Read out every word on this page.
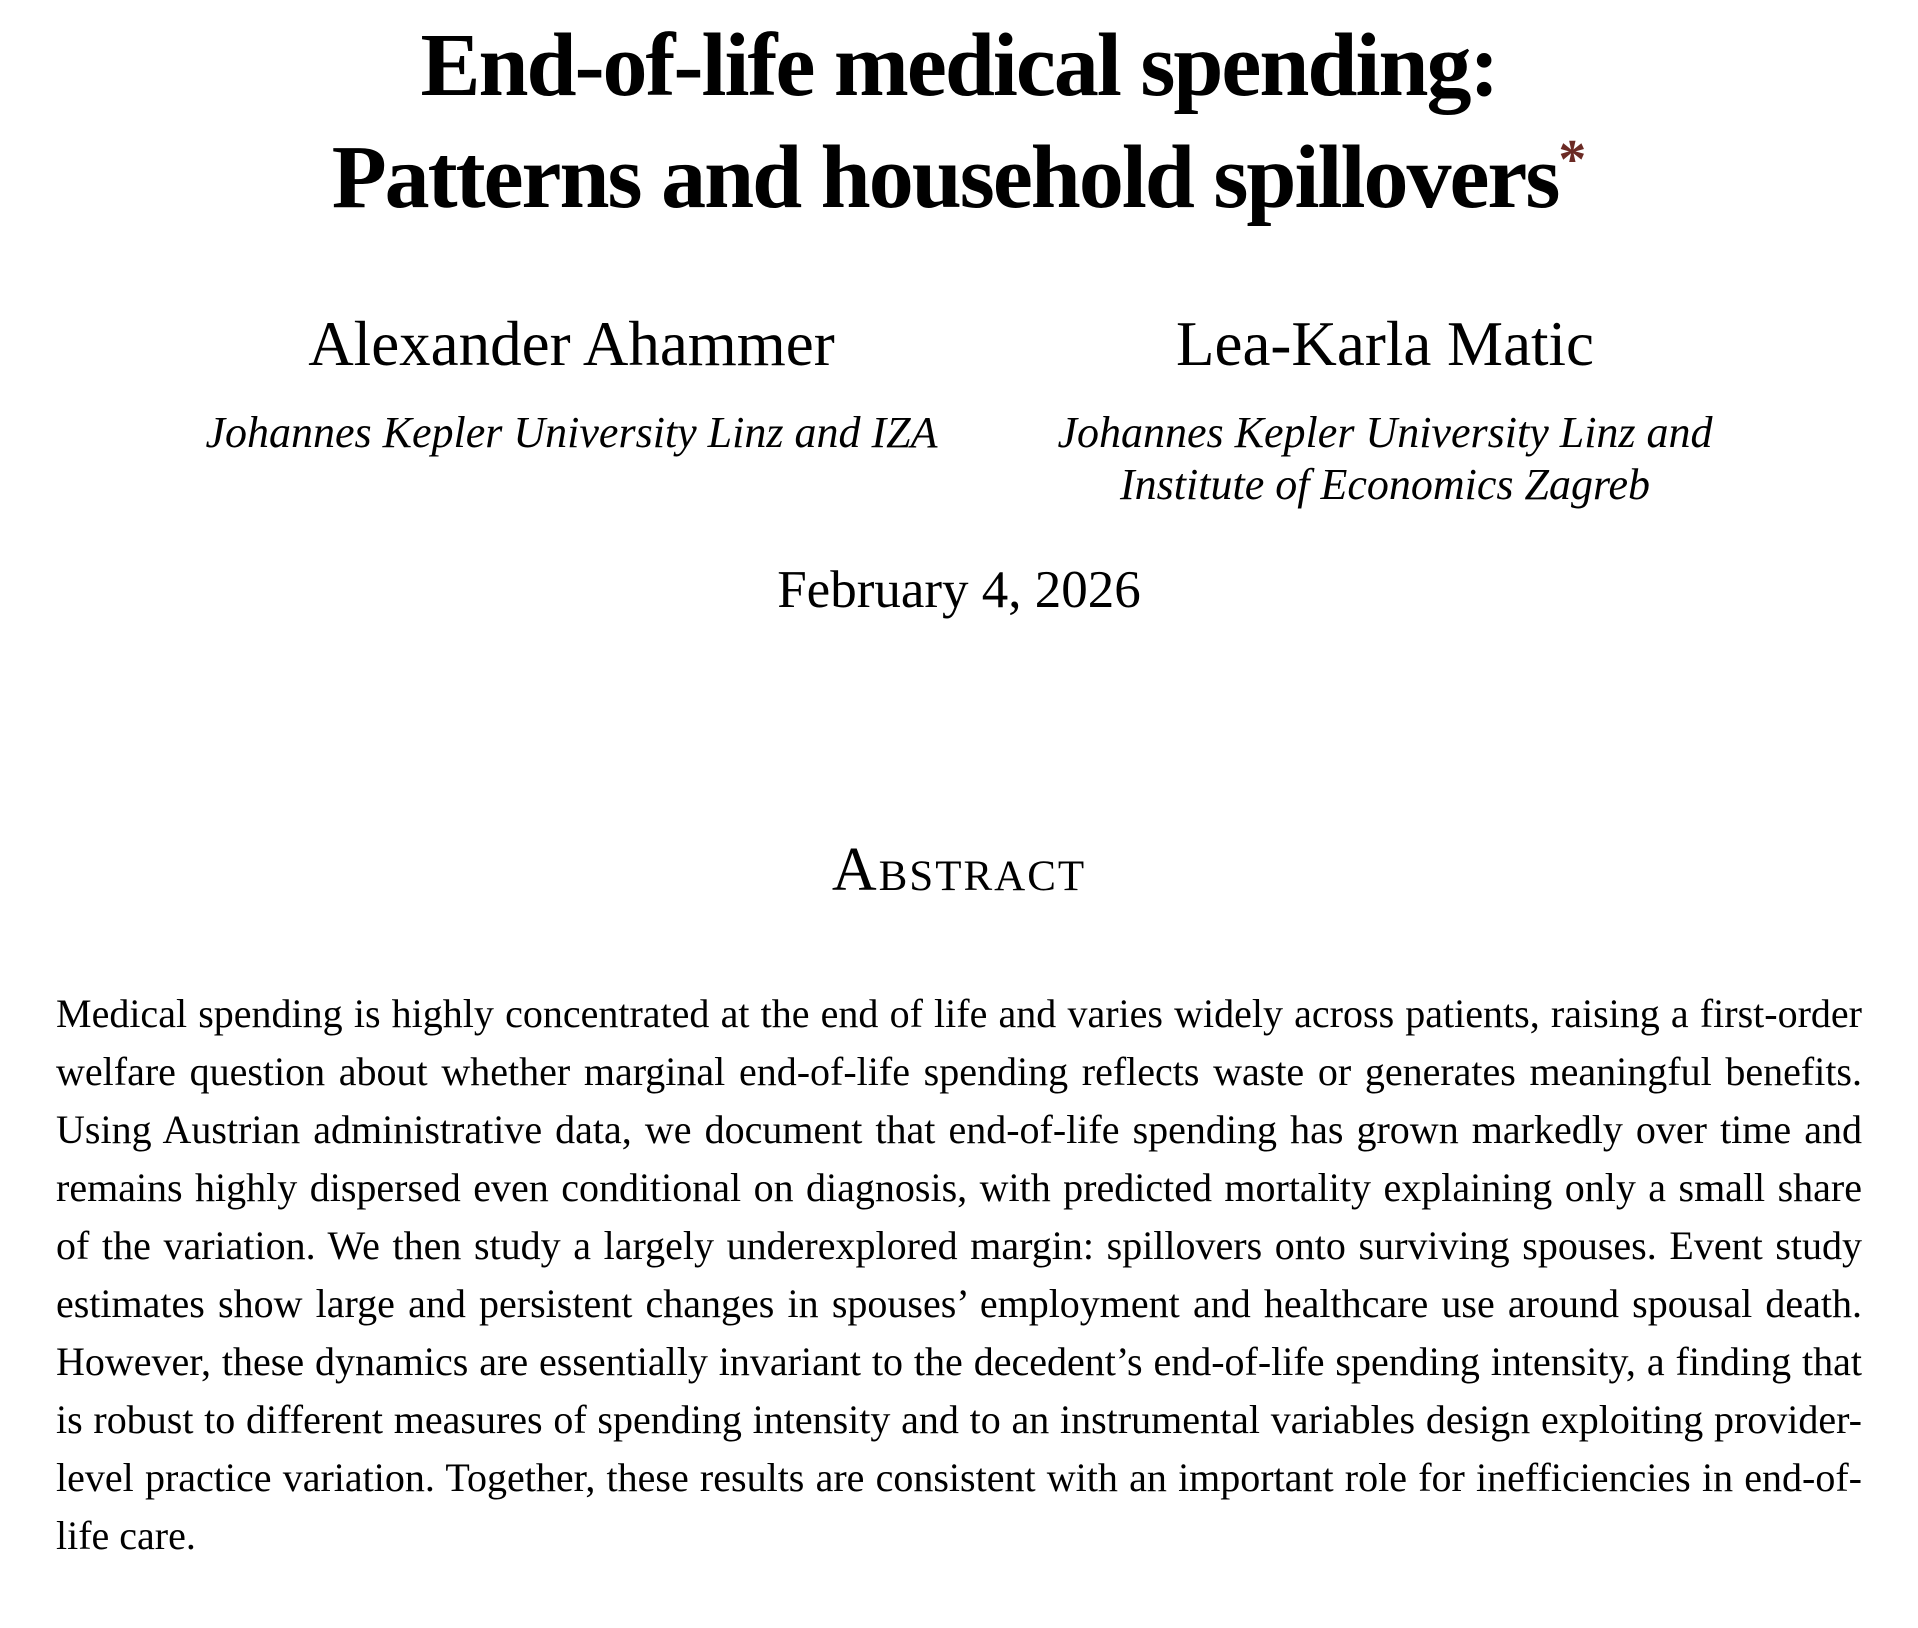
End-of-life medical spending:
Patterns and household spillovers*
Alexander Ahammer
Johannes Kepler University Linz and IZA
Lea-Karla Matic
Johannes Kepler University Linz and
Institute of Economics Zagreb
February 4, 2026
Abstract

Medical spending is highly concentrated at the end of life and varies widely across patients, raising a first-order welfare question about whether marginal end-of-life spending reflects waste or generates meaningful benefits. Using Austrian administrative data, we document that end-of-life spending has grown markedly over time and remains highly dispersed even conditional on diagnosis, with predicted mortality explaining only a small share of the variation. We then study a largely underexplored margin: spillovers onto surviving spouses. Event study estimates show large and persistent changes in spouses’ employment and healthcare use around spousal death. However, these dynamics are essentially invariant to the decedent’s end-of-life spending intensity, a finding that is robust to different measures of spending intensity and to an instrumental variables design exploiting provider-level practice variation. Together, these results are consistent with an important role for inefficiencies in end-of-life care.
